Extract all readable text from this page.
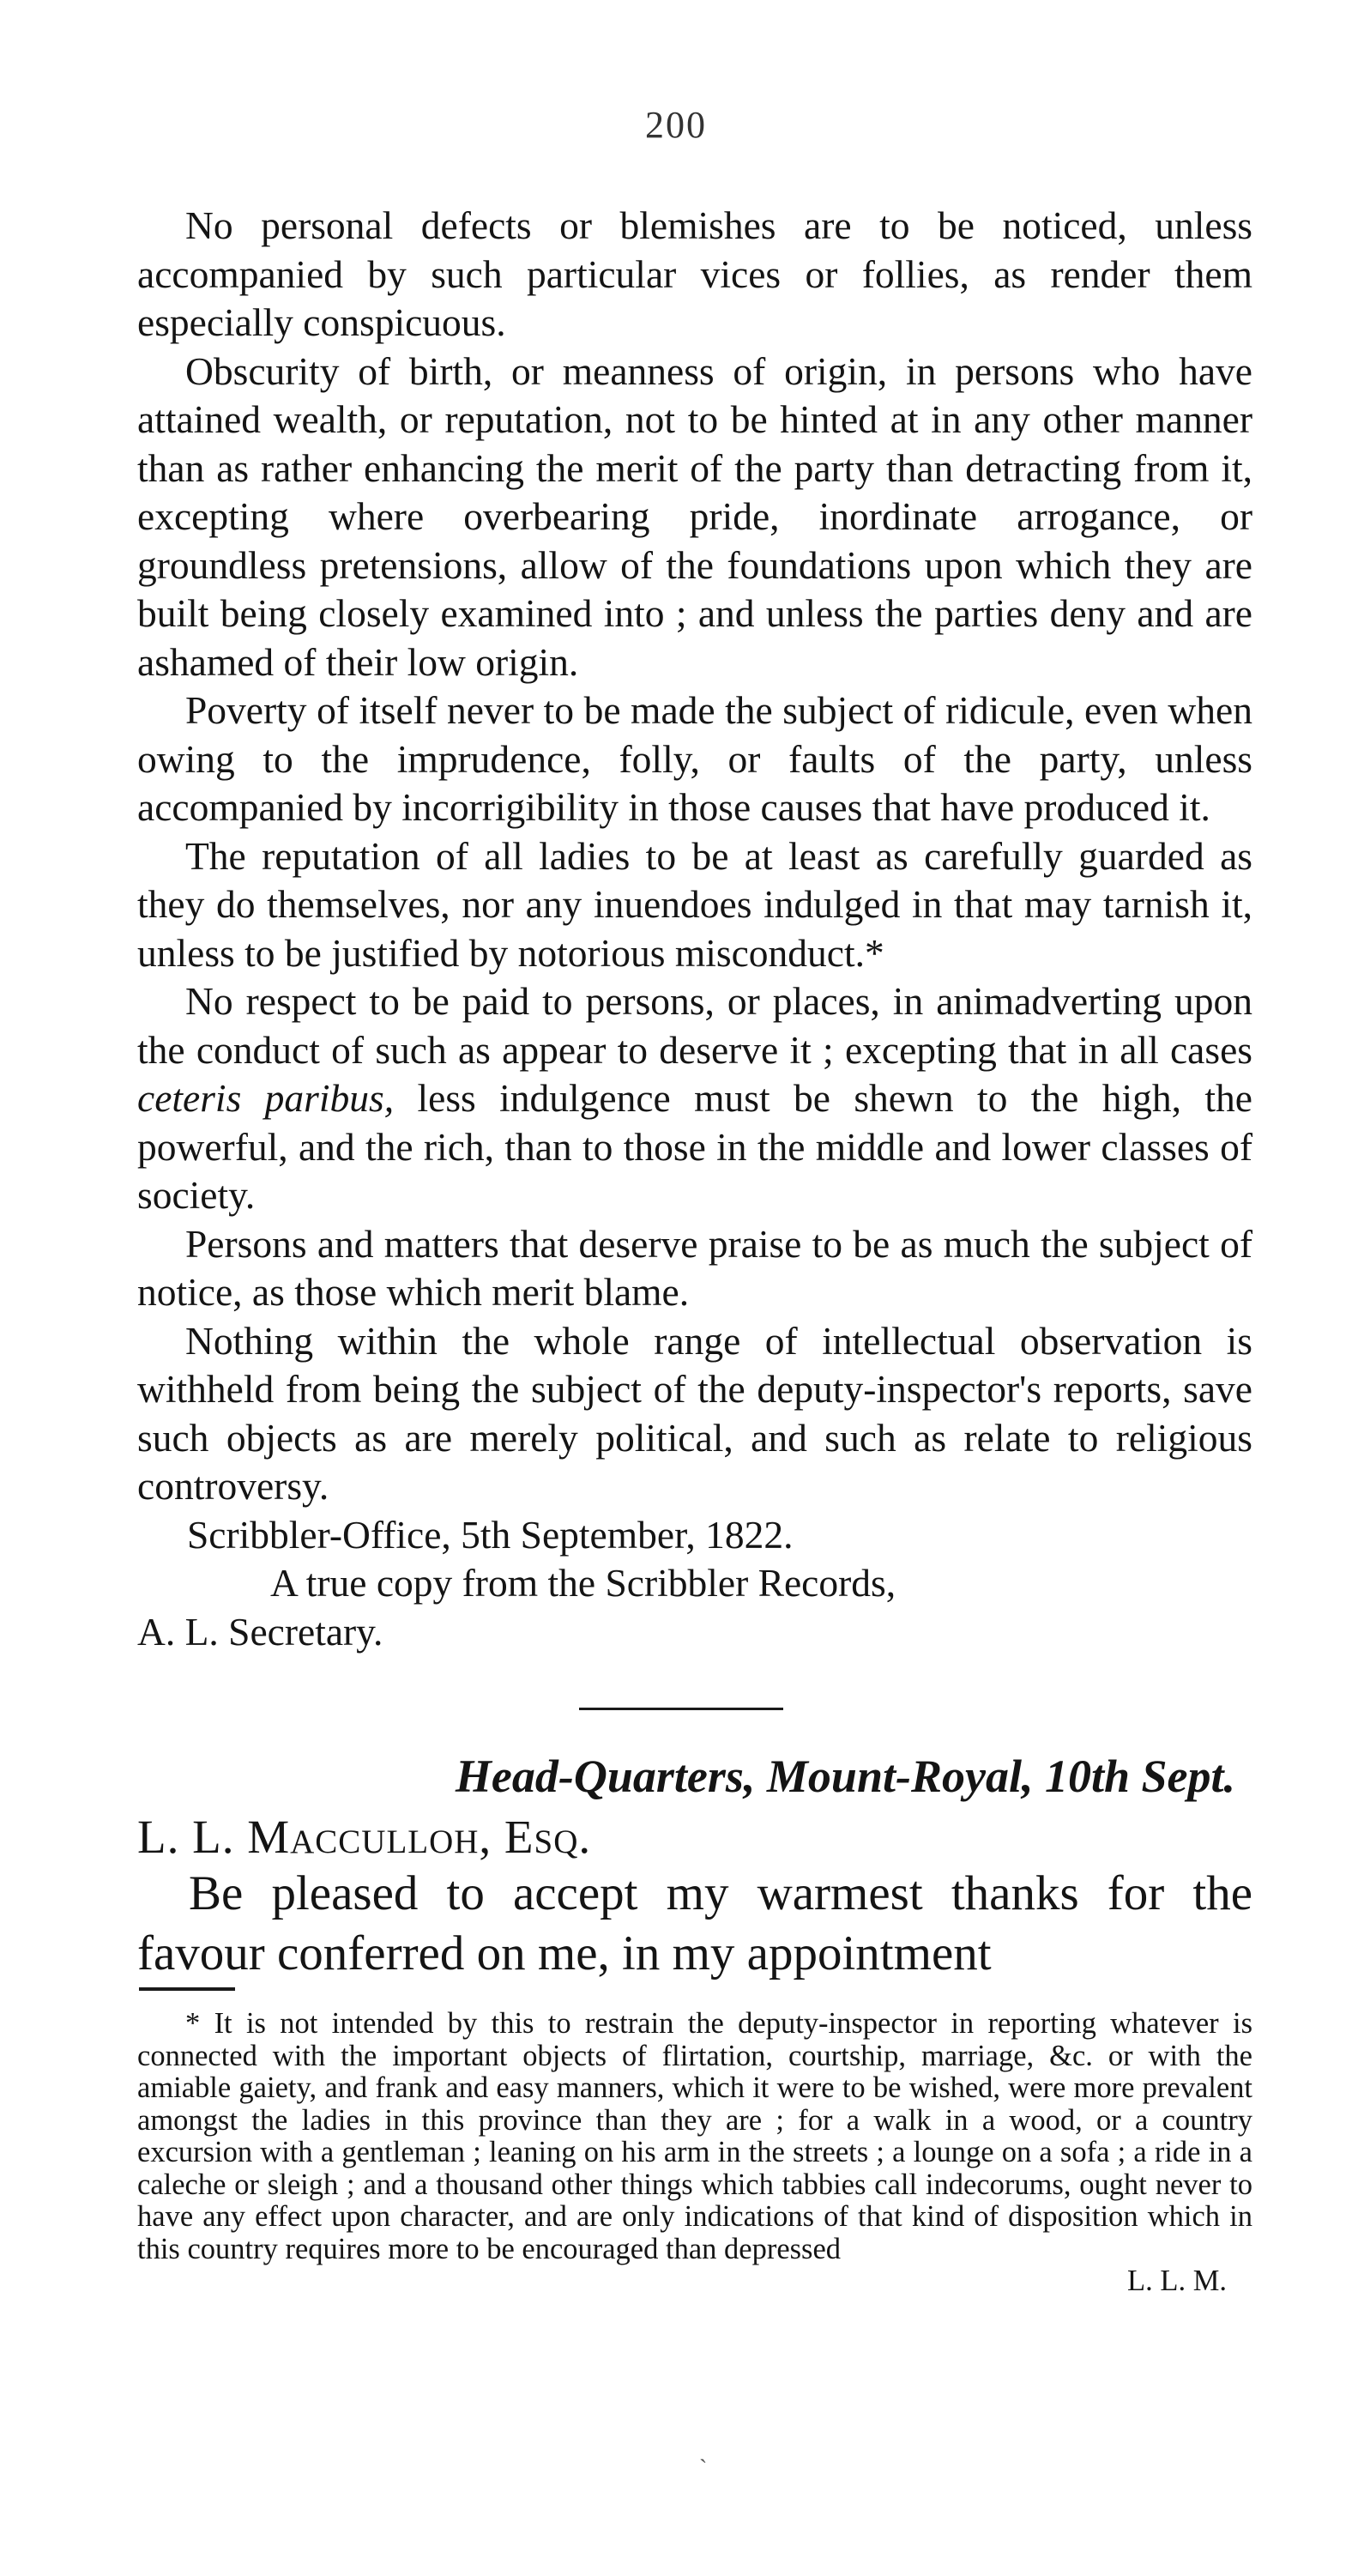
200

No personal defects or blemishes are to be noticed, unless accompanied by such particular vices or follies, as render them especially conspicuous.

Obscurity of birth, or meanness of origin, in persons who have attained wealth, or reputation, not to be hinted at in any other manner than as rather enhancing the merit of the party than detracting from it, excepting where overbearing pride, inordinate arrogance, or groundless pretensions, allow of the foundations upon which they are built being closely examined into ; and unless the parties deny and are ashamed of their low origin.

Poverty of itself never to be made the subject of ridicule, even when owing to the imprudence, folly, or faults of the party, unless accompanied by incorrigibility in those causes that have produced it.

The reputation of all ladies to be at least as carefully guarded as they do themselves, nor any inuendoes indulged in that may tarnish it, unless to be justified by notorious misconduct.*

No respect to be paid to persons, or places, in animadverting upon the conduct of such as appear to deserve it ; excepting that in all cases ceteris paribus, less indulgence must be shewn to the high, the powerful, and the rich, than to those in the middle and lower classes of society.

Persons and matters that deserve praise to be as much the subject of notice, as those which merit blame.

Nothing within the whole range of intellectual observation is withheld from being the subject of the deputy-inspector's reports, save such objects as are merely political, and such as relate to religious controversy.

Scribbler-Office, 5th September, 1822.

A true copy from the Scribbler Records,

A. L. Secretary.

Head-Quarters, Mount-Royal, 10th Sept.

L. L. Macculloh, Esq.

Be pleased to accept my warmest thanks for the favour conferred on me, in my appointment

* It is not intended by this to restrain the deputy-inspector in reporting whatever is connected with the important objects of flirtation, courtship, marriage, &c. or with the amiable gaiety, and frank and easy manners, which it were to be wished, were more prevalent amongst the ladies in this province than they are ; for a walk in a wood, or a country excursion with a gentleman ; leaning on his arm in the streets ; a lounge on a sofa ; a ride in a caleche or sleigh ; and a thousand other things which tabbies call indecorums, ought never to have any effect upon character, and are only indications of that kind of disposition which in this country requires more to be encouraged than depressed

L. L. M.

ˎ
